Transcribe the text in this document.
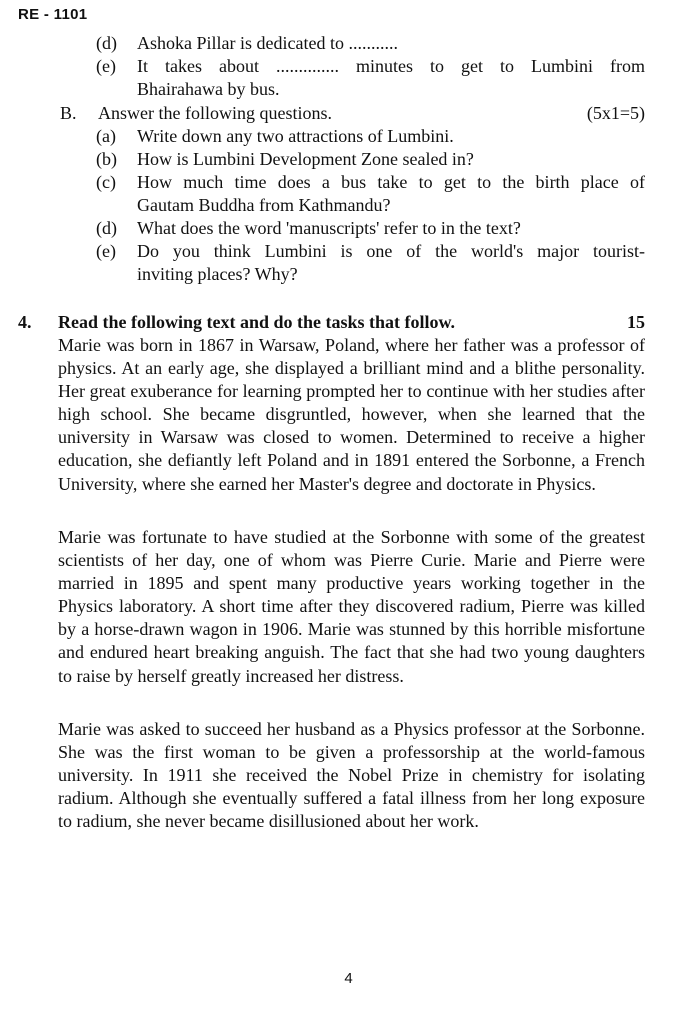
RE - 1101
(d) Ashoka Pillar is dedicated to ...........
(e) It takes about .............. minutes to get to Lumbini from
Bhairahawa by bus.
B. Answer the following questions.	(5x1=5)
(a) Write down any two attractions of Lumbini.
(b) How is Lumbini Development Zone sealed in?
(c) How much time does a bus take to get to the birth place of
Gautam Buddha from Kathmandu?
(d) What does the word 'manuscripts' refer to in the text?
(e) Do you think Lumbini is one of the world's major tourist-
inviting places? Why?
4. Read the following text and do the tasks that follow.	15
Marie was born in 1867 in Warsaw, Poland, where her father was a professor of physics. At an early age, she displayed a brilliant mind and a blithe personality. Her great exuberance for learning prompted her to continue with her studies after high school. She became disgruntled, however, when she learned that the university in Warsaw was closed to women. Determined to receive a higher education, she defiantly left Poland and in 1891 entered the Sorbonne, a French University, where she earned her Master's degree and doctorate in Physics.
Marie was fortunate to have studied at the Sorbonne with some of the greatest scientists of her day, one of whom was Pierre Curie. Marie and Pierre were married in 1895 and spent many productive years working together in the Physics laboratory. A short time after they discovered radium, Pierre was killed by a horse-drawn wagon in 1906. Marie was stunned by this horrible misfortune and endured heart breaking anguish. The fact that she had two young daughters to raise by herself greatly increased her distress.
Marie was asked to succeed her husband as a Physics professor at the Sorbonne. She was the first woman to be given a professorship at the world-famous university. In 1911 she received the Nobel Prize in chemistry for isolating radium. Although she eventually suffered a fatal illness from her long exposure to radium, she never became disillusioned about her work.
4
